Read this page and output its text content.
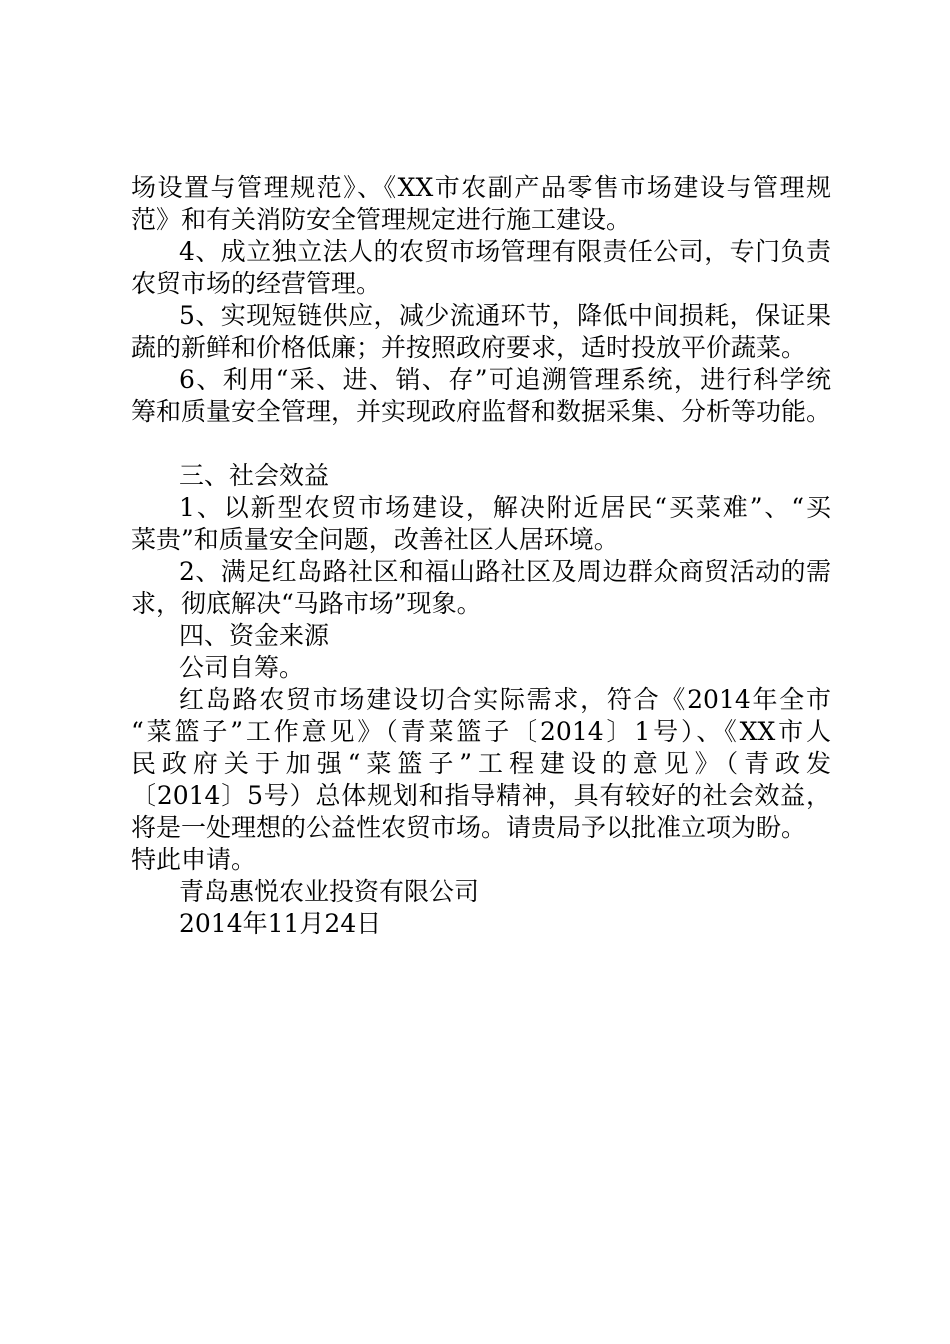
场设置与管理规范》、《XX市农副产品零售市场建设与管理规
范》和有关消防安全管理规定进行施工建设。
4、成立独立法人的农贸市场管理有限责任公司，专门负责
农贸市场的经营管理。
5、实现短链供应，减少流通环节，降低中间损耗，保证果
蔬的新鲜和价格低廉；并按照政府要求，适时投放平价蔬菜。
6、利用“采、进、销、存”可追溯管理系统，进行科学统
筹和质量安全管理，并实现政府监督和数据采集、分析等功能。
三、社会效益
1、以新型农贸市场建设，解决附近居民“买菜难”、“买
菜贵”和质量安全问题，改善社区人居环境。
2、满足红岛路社区和福山路社区及周边群众商贸活动的需
求，彻底解决“马路市场”现象。
四、资金来源
公司自筹。
红岛路农贸市场建设切合实际需求，符合《2014年全市
“菜篮子”工作意见》（青菜篮子〔2014〕1号）、《XX市人
民政府关于加强“菜篮子”工程建设的意见》（青政发
〔2014〕5号）总体规划和指导精神，具有较好的社会效益，
将是一处理想的公益性农贸市场。请贵局予以批准立项为盼。
特此申请。
青岛惠悦农业投资有限公司
2014年11月24日
